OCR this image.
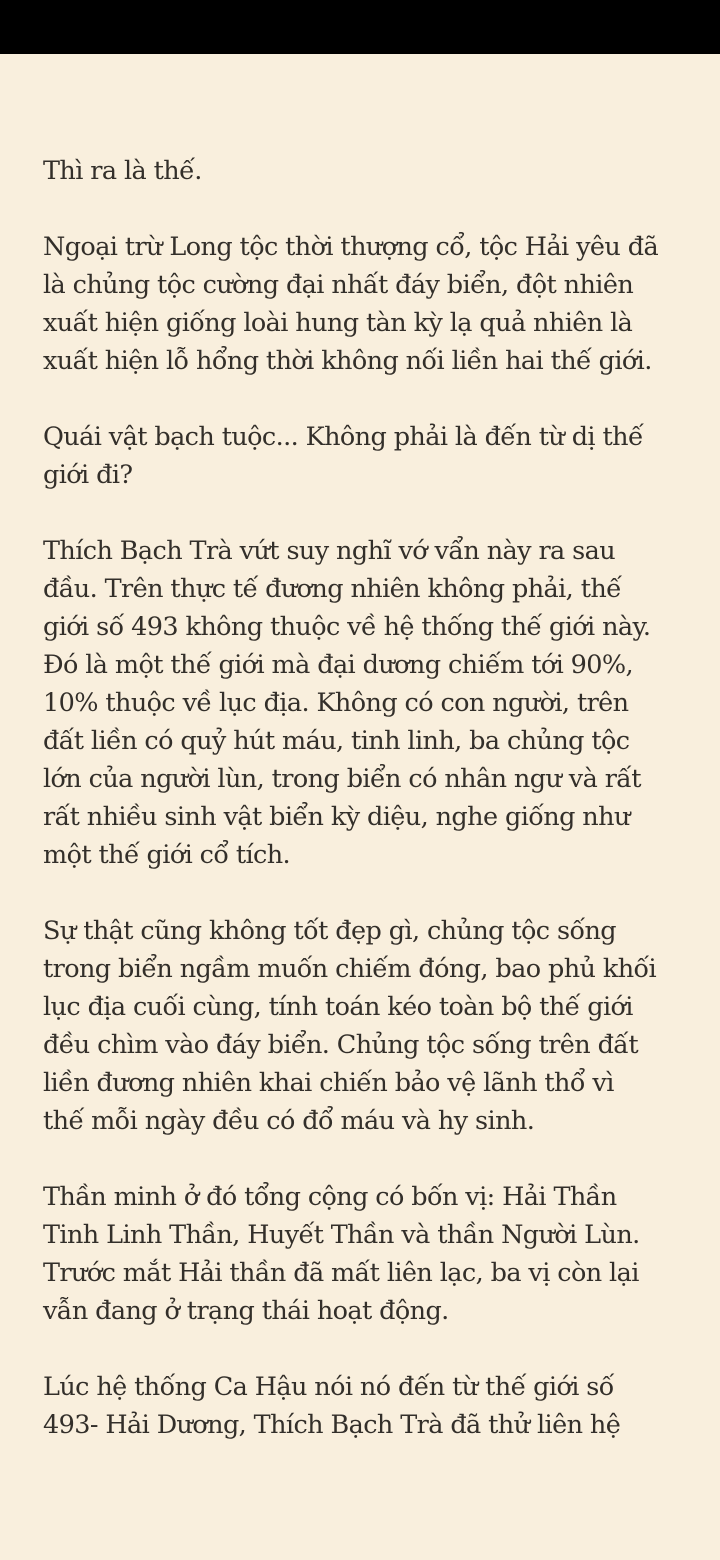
Thì ra là thế.

Ngoại trừ Long tộc thời thượng cổ, tộc Hải yêu đã
là chủng tộc cường đại nhất đáy biển, đột nhiên
xuất hiện giống loài hung tàn kỳ lạ quả nhiên là
xuất hiện lỗ hổng thời không nối liền hai thế giới.

Quái vật bạch tuộc... Không phải là đến từ dị thế
giới đi?

Thích Bạch Trà vứt suy nghĩ vớ vẩn này ra sau
đầu. Trên thực tế đương nhiên không phải, thế
giới số 493 không thuộc về hệ thống thế giới này.
Đó là một thế giới mà đại dương chiếm tới 90%,
10% thuộc về lục địa. Không có con người, trên
đất liền có quỷ hút máu, tinh linh, ba chủng tộc
lớn của người lùn, trong biển có nhân ngư và rất
rất nhiều sinh vật biển kỳ diệu, nghe giống như
một thế giới cổ tích.

Sự thật cũng không tốt đẹp gì, chủng tộc sống
trong biển ngầm muốn chiếm đóng, bao phủ khối
lục địa cuối cùng, tính toán kéo toàn bộ thế giới
đều chìm vào đáy biển. Chủng tộc sống trên đất
liền đương nhiên khai chiến bảo vệ lãnh thổ vì
thế mỗi ngày đều có đổ máu và hy sinh.

Thần minh ở đó tổng cộng có bốn vị: Hải Thần
Tinh Linh Thần, Huyết Thần và thần Người Lùn.
Trước mắt Hải thần đã mất liên lạc, ba vị còn lại
vẫn đang ở trạng thái hoạt động.

Lúc hệ thống Ca Hậu nói nó đến từ thế giới số
493- Hải Dương, Thích Bạch Trà đã thử liên hệ
